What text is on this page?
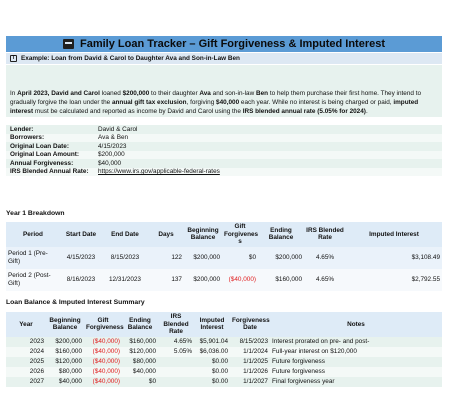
Family Loan Tracker – Gift Forgiveness & Imputed Interest
T Example: Loan from David & Carol to Daughter Ava and Son-in-Law Ben
In April 2023, David and Carol loaned $200,000 to their daughter Ava and son-in-law Ben to help them purchase their first home. They intend to gradually forgive the loan under the annual gift tax exclusion, forgiving $40,000 each year. While no interest is being charged or paid, imputed interest must be calculated and reported as income by David and Carol using the IRS blended annual rate (5.05% for 2024).
Lender:	David & Carol
Borrowers:	Ava & Ben
Original Loan Date:	4/15/2023
Original Loan Amount:	$200,000
Annual Forgiveness:	$40,000
IRS Blended Annual Rate:	https://www.irs.gov/applicable-federal-rates
Year 1 Breakdown
Period	Start Date	End Date	Days	Beginning Balance	Gift Forgivenes s	Ending Balance	IRS Blended Rate	Imputed Interest
Period 1 (Pre-Gift)	4/15/2023	8/15/2023	122	$200,000	$0	$200,000	4.65%	$3,108.49
Period 2 (Post-Gift)	8/16/2023	12/31/2023	137	$200,000	($40,000)	$160,000	4.65%	$2,792.55
Loan Balance & Imputed Interest Summary
Year	Beginning Balance	Gift Forgiveness	Ending Balance	IRS Blended Rate	Imputed Interest	Forgiveness Date	Notes
2023	$200,000	($40,000)	$160,000	4.65%	$5,901.04	8/15/2023	Interest prorated on pre- and post-
2024	$160,000	($40,000)	$120,000	5.05%	$6,036.00	1/1/2024	Full-year interest on $120,000
2025	$120,000	($40,000)	$80,000		$0.00	1/1/2025	Future forgiveness
2026	$80,000	($40,000)	$40,000		$0.00	1/1/2026	Future forgiveness
2027	$40,000	($40,000)	$0		$0.00	1/1/2027	Final forgiveness year
